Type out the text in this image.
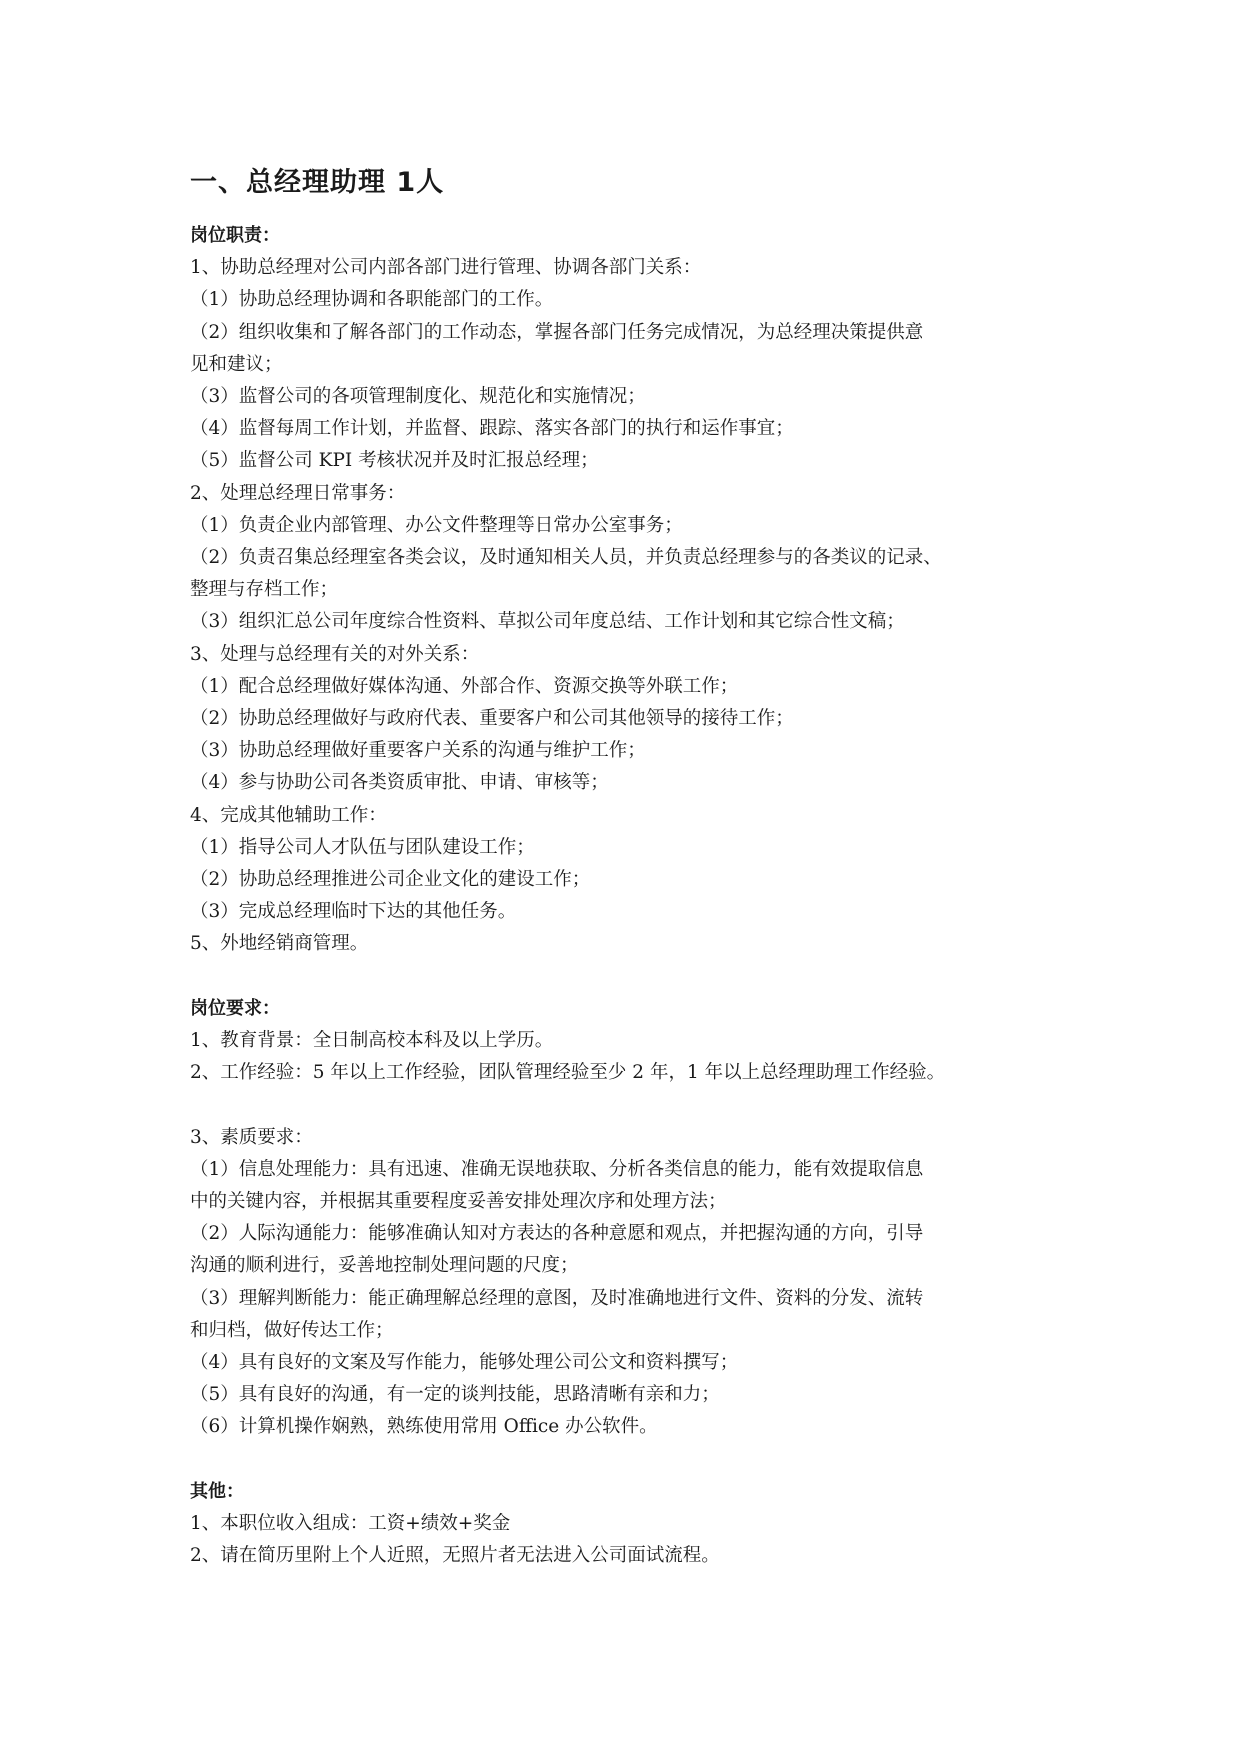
一、总经理助理 1人
岗位职责：

1、协助总经理对公司内部各部门进行管理、协调各部门关系：

（1）协助总经理协调和各职能部门的工作。

（2）组织收集和了解各部门的工作动态，掌握各部门任务完成情况，为总经理决策提供意

见和建议；

（3）监督公司的各项管理制度化、规范化和实施情况；

（4）监督每周工作计划，并监督、跟踪、落实各部门的执行和运作事宜；

（5）监督公司 KPI 考核状况并及时汇报总经理；

2、处理总经理日常事务：

（1）负责企业内部管理、办公文件整理等日常办公室事务；

（2）负责召集总经理室各类会议，及时通知相关人员，并负责总经理参与的各类议的记录、

整理与存档工作；

（3）组织汇总公司年度综合性资料、草拟公司年度总结、工作计划和其它综合性文稿；

3、处理与总经理有关的对外关系：

（1）配合总经理做好媒体沟通、外部合作、资源交换等外联工作；

（2）协助总经理做好与政府代表、重要客户和公司其他领导的接待工作；

（3）协助总经理做好重要客户关系的沟通与维护工作；

（4）参与协助公司各类资质审批、申请、审核等；

4、完成其他辅助工作：

（1）指导公司人才队伍与团队建设工作；

（2）协助总经理推进公司企业文化的建设工作；

（3）完成总经理临时下达的其他任务。

5、外地经销商管理。

岗位要求：

1、教育背景：全日制高校本科及以上学历。

2、工作经验：5 年以上工作经验，团队管理经验至少 2 年，1 年以上总经理助理工作经验。

3、素质要求：

（1）信息处理能力：具有迅速、准确无误地获取、分析各类信息的能力，能有效提取信息

中的关键内容，并根据其重要程度妥善安排处理次序和处理方法；

（2）人际沟通能力：能够准确认知对方表达的各种意愿和观点，并把握沟通的方向，引导

沟通的顺利进行，妥善地控制处理问题的尺度；

（3）理解判断能力：能正确理解总经理的意图，及时准确地进行文件、资料的分发、流转

和归档，做好传达工作；

（4）具有良好的文案及写作能力，能够处理公司公文和资料撰写；

（5）具有良好的沟通，有一定的谈判技能，思路清晰有亲和力；

（6）计算机操作娴熟，熟练使用常用 Office 办公软件。

其他：

1、本职位收入组成：工资+绩效+奖金

2、请在简历里附上个人近照，无照片者无法进入公司面试流程。
